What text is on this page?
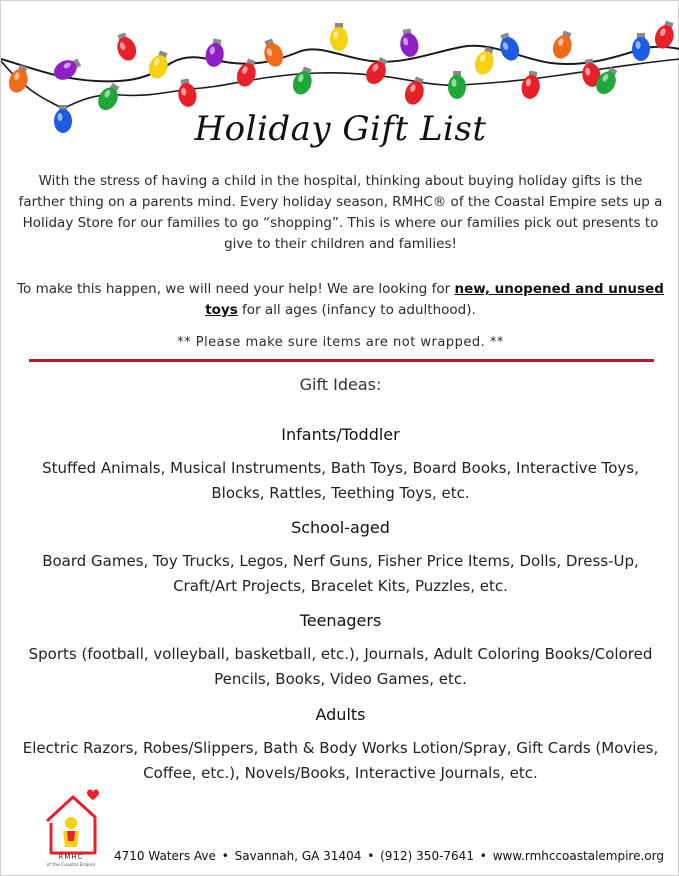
Holiday Gift List
With the stress of having a child in the hospital, thinking about buying holiday gifts is the farther thing on a parents mind. Every holiday season, RMHC® of the Coastal Empire sets up a Holiday Store for our families to go “shopping”. This is where our families pick out presents to give to their children and families!
To make this happen, we will need your help! We are looking for new, unopened and unused toys for all ages (infancy to adulthood).
** Please make sure items are not wrapped. **
Gift Ideas:
Infants/Toddler
Stuffed Animals, Musical Instruments, Bath Toys, Board Books, Interactive Toys, Blocks, Rattles, Teething Toys, etc.
School-aged
Board Games, Toy Trucks, Legos, Nerf Guns, Fisher Price Items, Dolls, Dress-Up, Craft/Art Projects, Bracelet Kits, Puzzles, etc.
Teenagers
Sports (football, volleyball, basketball, etc.), Journals, Adult Coloring Books/Colored Pencils, Books, Video Games, etc.
Adults
Electric Razors, Robes/Slippers, Bath & Body Works Lotion/Spray, Gift Cards (Movies, Coffee, etc.), Novels/Books, Interactive Journals, etc.
RMHC
of the Coastal Empire
4710 Waters Ave • Savannah, GA 31404 • (912) 350-7641 • www.rmhccoastalempire.org
